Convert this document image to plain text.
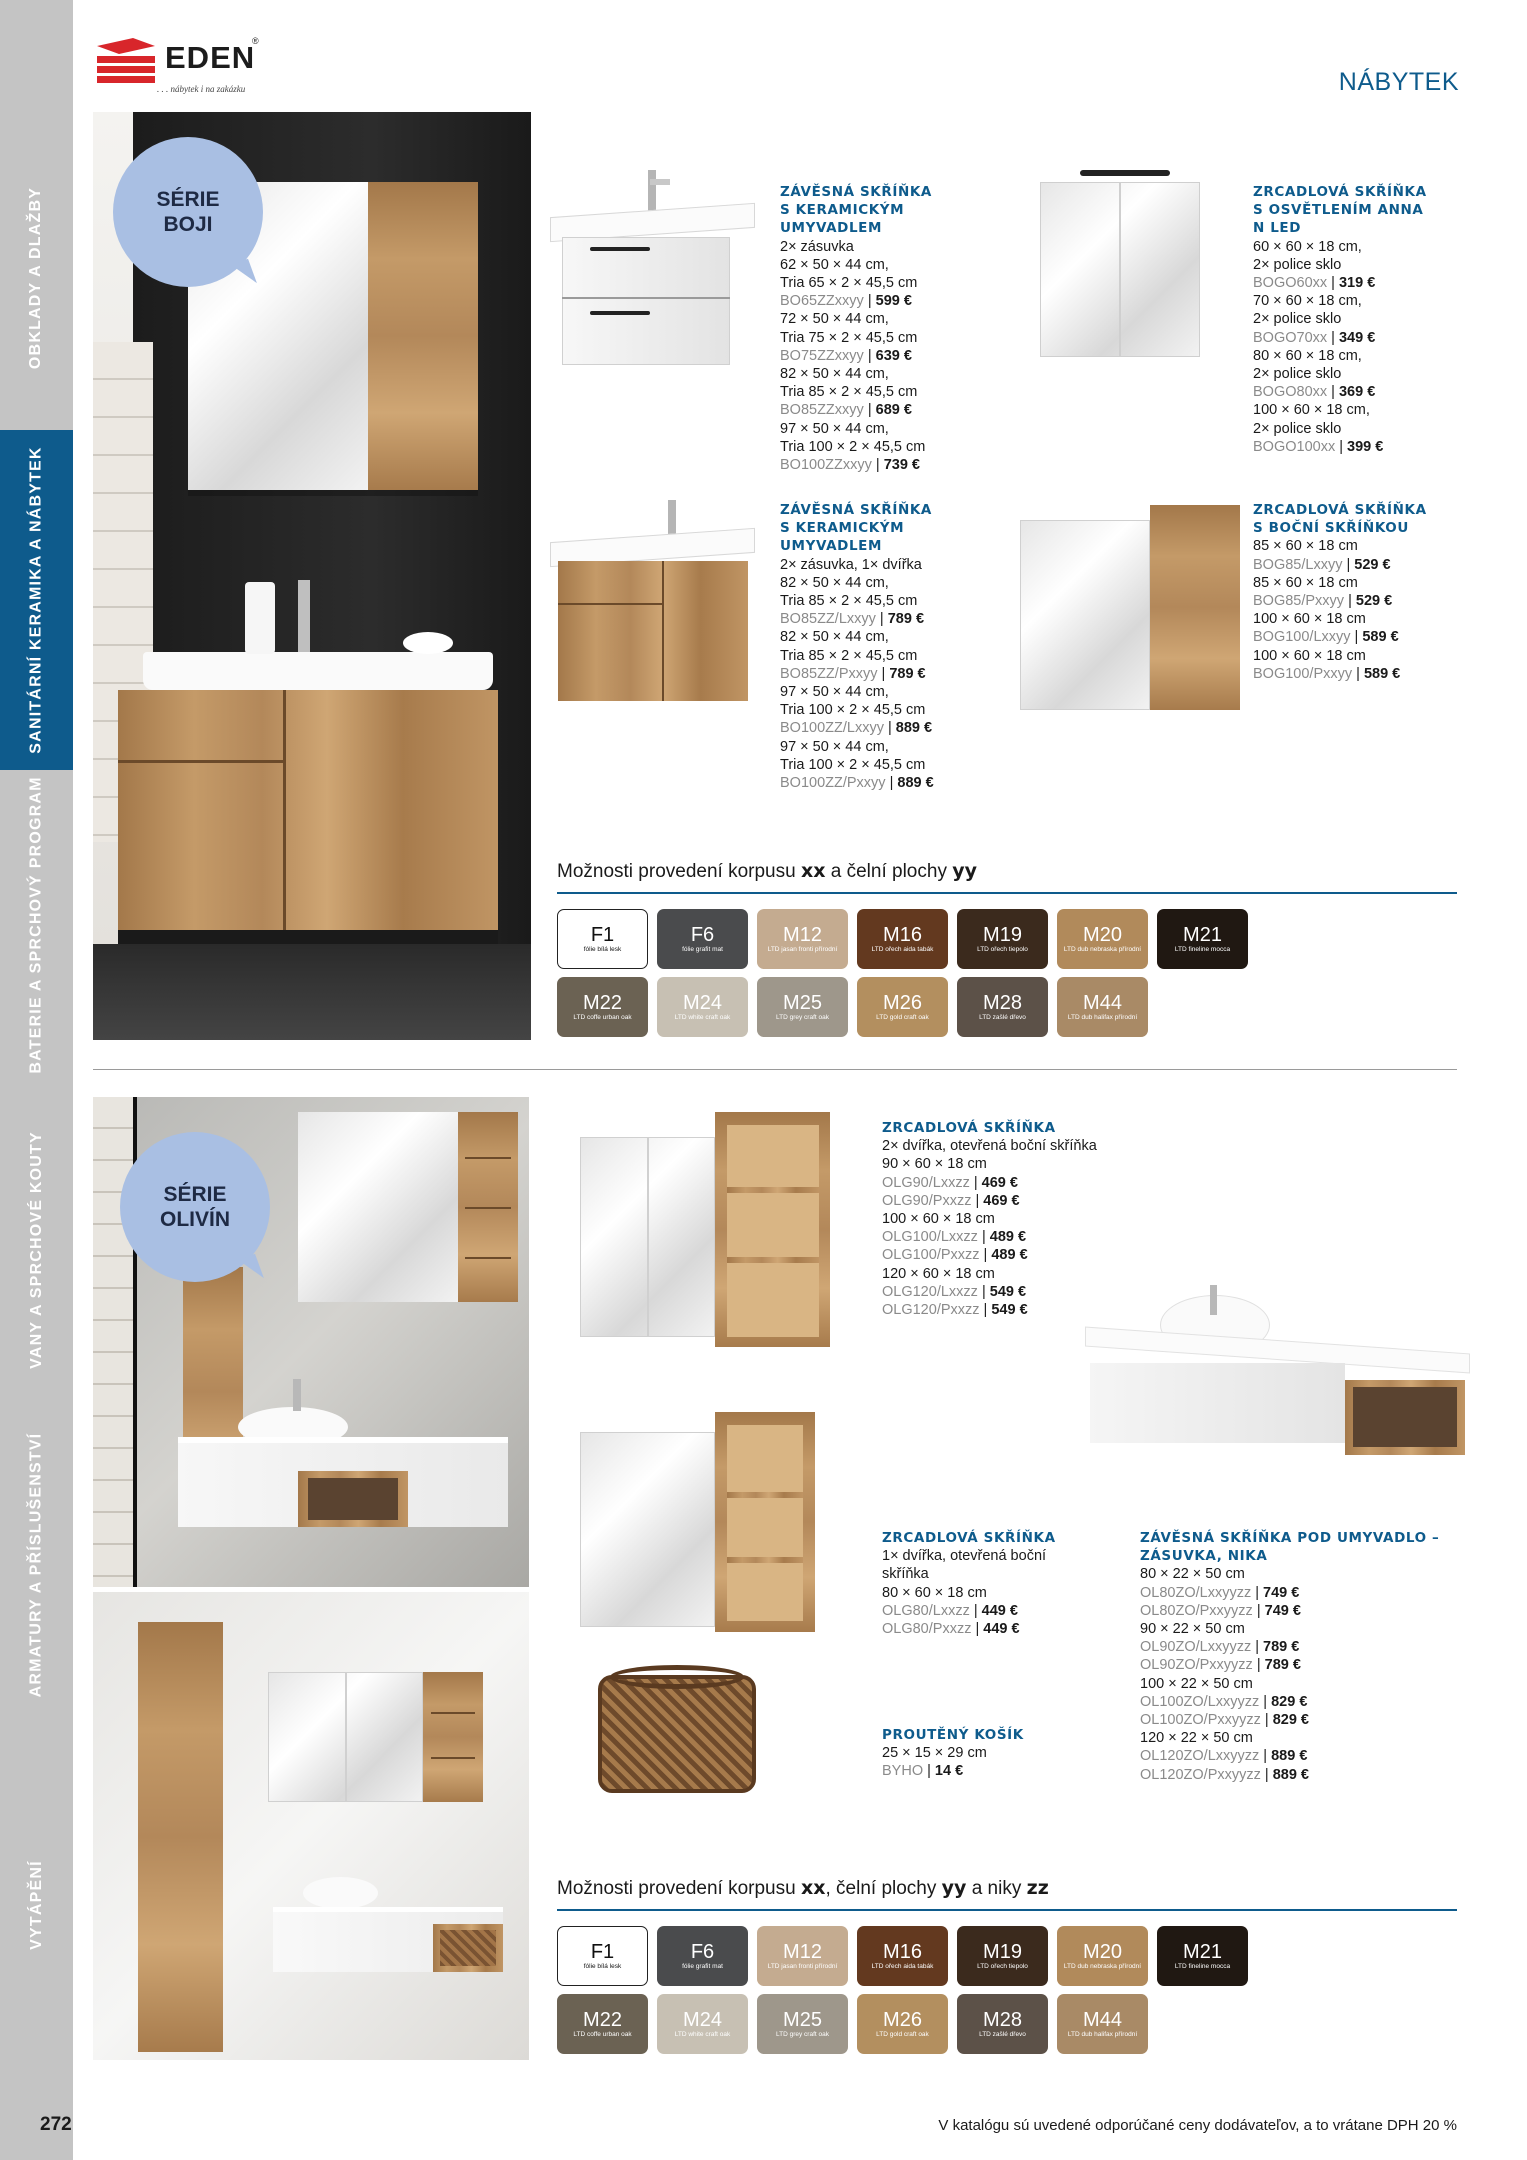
OBKLADY A DLAŽBY
SANITÁRNÍ KERAMIKA A NÁBYTEK
BATERIE A SPRCHOVÝ PROGRAM
VANY A SPRCHOVÉ KOUTY
ARMATURY A PŘÍSLUŠENSTVÍ
VYTÁPĚNÍ
EDEN
®
. . . nábytek i na zakázku	NÁBYTEK
SÉRIE
BOJI
ZÁVĚSNÁ SKŘÍŇKA
S KERAMICKÝM
UMYVADLEM
2× zásuvka
62 × 50 × 44 cm,
Tria 65 × 2 × 45,5 cm
BO65ZZxxyy | 599 €
72 × 50 × 44 cm,
Tria 75 × 2 × 45,5 cm
BO75ZZxxyy | 639 €
82 × 50 × 44 cm,
Tria 85 × 2 × 45,5 cm
BO85ZZxxyy | 689 €
97 × 50 × 44 cm,
Tria 100 × 2 × 45,5 cm
BO100ZZxxyy | 739 €
ZRCADLOVÁ SKŘÍŇKA
S OSVĚTLENÍM ANNA
N LED
60 × 60 × 18 cm,
2× police sklo
BOGO60xx | 319 €
70 × 60 × 18 cm,
2× police sklo
BOGO70xx | 349 €
80 × 60 × 18 cm,
2× police sklo
BOGO80xx | 369 €
100 × 60 × 18 cm,
2× police sklo
BOGO100xx | 399 €
ZÁVĚSNÁ SKŘÍŇKA
S KERAMICKÝM
UMYVADLEM
2× zásuvka, 1× dvířka
82 × 50 × 44 cm,
Tria 85 × 2 × 45,5 cm
BO85ZZ/Lxxyy | 789 €
82 × 50 × 44 cm,
Tria 85 × 2 × 45,5 cm
BO85ZZ/Pxxyy | 789 €
97 × 50 × 44 cm,
Tria 100 × 2 × 45,5 cm
BO100ZZ/Lxxyy | 889 €
97 × 50 × 44 cm,
Tria 100 × 2 × 45,5 cm
BO100ZZ/Pxxyy | 889 €
ZRCADLOVÁ SKŘÍŇKA
S BOČNÍ SKŘÍŇKOU
85 × 60 × 18 cm
BOG85/Lxxyy | 529 €
85 × 60 × 18 cm
BOG85/Pxxyy | 529 €
100 × 60 × 18 cm
BOG100/Lxxyy | 589 €
100 × 60 × 18 cm
BOG100/Pxxyy | 589 €
Možnosti provedení korpusu xx a čelní plochy yy
SÉRIE
OLIVÍN
ZRCADLOVÁ SKŘÍŇKA
2× dvířka, otevřená boční skříňka
90 × 60 × 18 cm
OLG90/Lxxzz | 469 €
OLG90/Pxxzz | 469 €
100 × 60 × 18 cm
OLG100/Lxxzz | 489 €
OLG100/Pxxzz | 489 €
120 × 60 × 18 cm
OLG120/Lxxzz | 549 €
OLG120/Pxxzz | 549 €
ZRCADLOVÁ SKŘÍŇKA
1× dvířka, otevřená boční
skříňka
80 × 60 × 18 cm
OLG80/Lxxzz | 449 €
OLG80/Pxxzz | 449 €
ZÁVĚSNÁ SKŘÍŇKA POD UMYVADLO –
ZÁSUVKA, NIKA
80 × 22 × 50 cm
OL80ZO/Lxxyyzz | 749 €
OL80ZO/Pxxyyzz | 749 €
90 × 22 × 50 cm
OL90ZO/Lxxyyzz | 789 €
OL90ZO/Pxxyyzz | 789 €
100 × 22 × 50 cm
OL100ZO/Lxxyyzz | 829 €
OL100ZO/Pxxyyzz | 829 €
120 × 22 × 50 cm
OL120ZO/Lxxyyzz | 889 €
OL120ZO/Pxxyyzz | 889 €
PROUTĚNÝ KOŠÍK
25 × 15 × 29 cm
BYHO | 14 €
Možnosti provedení korpusu xx, čelní plochy yy a niky zz
272	V katalógu sú uvedené odporúčané ceny dodávateľov, a to vrátane DPH 20 %
F1
fólie bílá lesk
F6
fólie grafit mat
M12
LTD jasan fronti přírodní
M16
LTD ořech aida tabák
M19
LTD ořech tiepolo
M20
LTD dub nebraska přírodní
M21
LTD fineline mocca
M22
LTD coffe urban oak
M24
LTD white craft oak
M25
LTD grey craft oak
M26
LTD gold craft oak
M28
LTD zašlé dřevo
M44
LTD dub halifax přírodní
F1
fólie bílá lesk
F6
fólie grafit mat
M12
LTD jasan fronti přírodní
M16
LTD ořech aida tabák
M19
LTD ořech tiepolo
M20
LTD dub nebraska přírodní
M21
LTD fineline mocca
M22
LTD coffe urban oak
M24
LTD white craft oak
M25
LTD grey craft oak
M26
LTD gold craft oak
M28
LTD zašlé dřevo
M44
LTD dub halifax přírodní
